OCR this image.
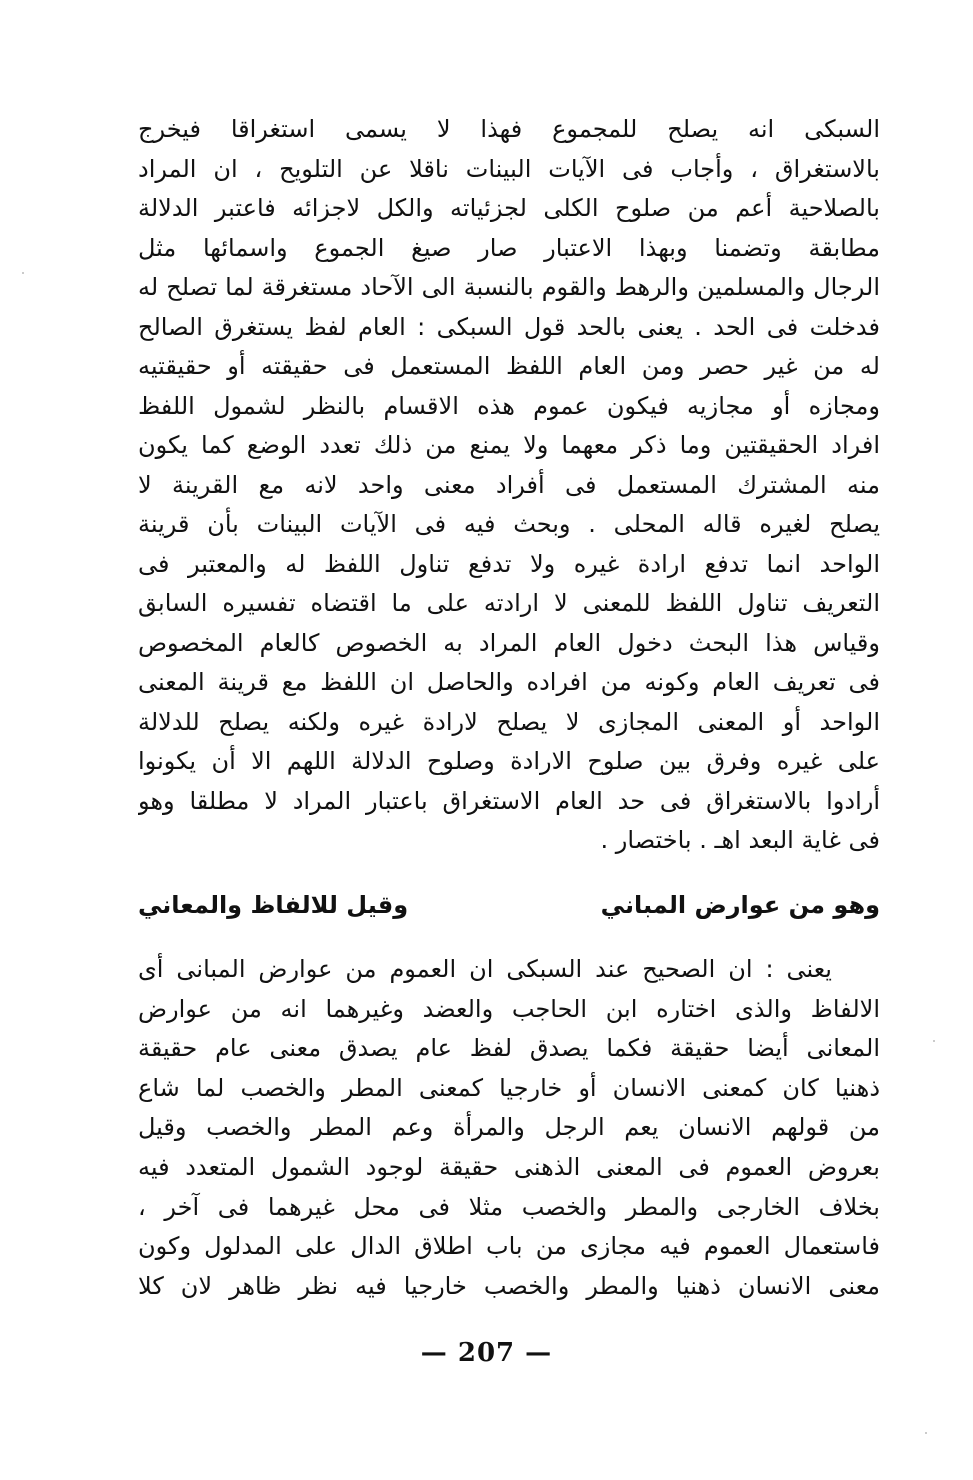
السبكى انه يصلح للمجموع فهذا لا يسمى استغراقا فيخرج
بالاستغراق ، وأجاب فى الآيات البينات ناقلا عن التلويح ، ان المراد
بالصلاحية أعم من صلوح الكلى لجزئياته والكل لاجزائه فاعتبر الدلالة
مطابقة وتضمنا وبهذا الاعتبار صار صيغ الجموع واسمائها مثل
الرجال والمسلمين والرهط والقوم بالنسبة الى الآحاد مستغرقة لما تصلح له
فدخلت فى الحد . يعنى بالحد قول السبكى : العام لفظ يستغرق الصالح
له من غير حصر ومن العام اللفظ المستعمل فى حقيقته أو حقيقتيه
ومجازه أو مجازيه فيكون عموم هذه الاقسام بالنظر لشمول اللفظ
افراد الحقيقتين وما ذكر معهما ولا يمنع من ذلك تعدد الوضع كما يكون
منه المشترك المستعمل فى أفراد معنى واحد لانه مع القرينة لا
يصلح لغيره قاله المحلى . وبحث فيه فى الآيات البينات بأن قرينة
الواحد انما تدفع ارادة غيره ولا تدفع تناول اللفظ له والمعتبر فى
التعريف تناول اللفظ للمعنى لا ارادته على ما اقتضاه تفسيره السابق
وقياس هذا البحث دخول العام المراد به الخصوص كالعام المخصوص
فى تعريف العام وكونه من افراده والحاصل ان اللفظ مع قرينة المعنى
الواحد أو المعنى المجازى لا يصلح لارادة غيره ولكنه يصلح للدلالة
على غيره وفرق بين صلوح الارادة وصلوح الدلالة اللهم الا أن يكونوا
أرادوا بالاستغراق فى حد العام الاستغراق باعتبار المراد لا مطلقا وهو
فى غاية البعد اهـ . باختصار .
وهو من عوارض المباني
وقيل للالفاظ والمعاني
يعنى : ان الصحيح عند السبكى ان العموم من عوارض المبانى أى
الالفاظ والذى اختاره ابن الحاجب والعضد وغيرهما انه من عوارض
المعانى أيضا حقيقة فكما يصدق لفظ عام يصدق معنى عام حقيقة
ذهنيا كان كمعنى الانسان أو خارجيا كمعنى المطر والخصب لما شاع
من قولهم الانسان يعم الرجل والمرأة وعم المطر والخصب وقيل
بعروض العموم فى المعنى الذهنى حقيقة لوجود الشمول المتعدد فيه
بخلاف الخارجى والمطر والخصب مثلا فى محل غيرهما فى آخر ،
فاستعمال العموم فيه مجازى من باب اطلاق الدال على المدلول وكون
معنى الانسان ذهنيا والمطر والخصب خارجيا فيه نظر ظاهر لان كلا
— 207 —
